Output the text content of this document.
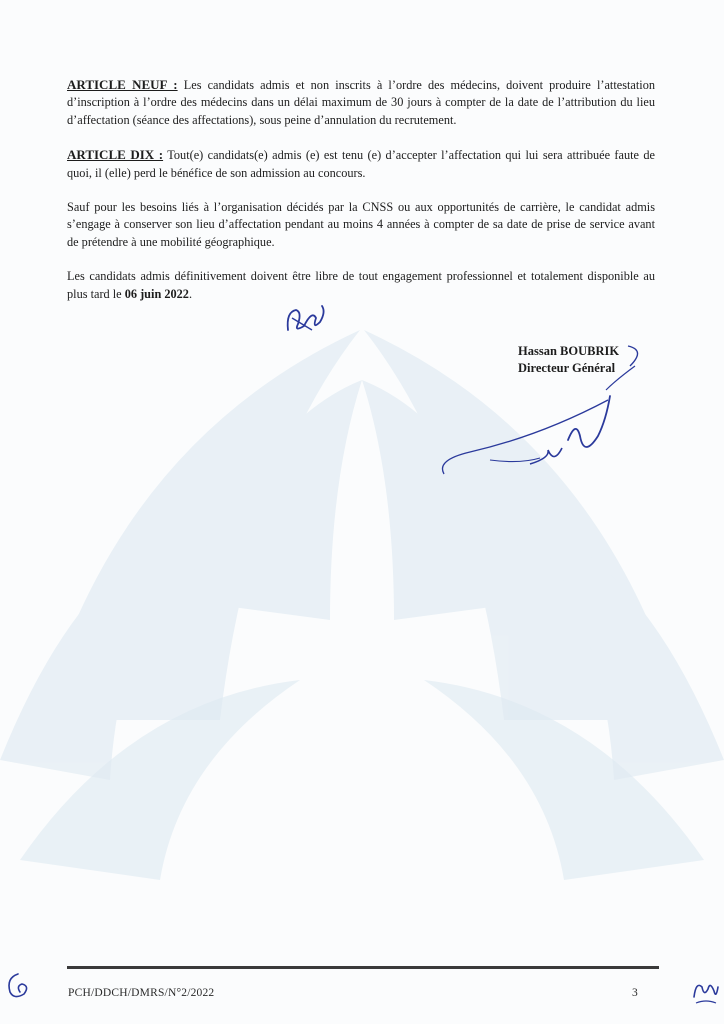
ARTICLE NEUF : Les candidats admis et non inscrits à l’ordre des médecins, doivent produire l’attestation d’inscription à l’ordre des médecins dans un délai maximum de 30 jours à compter de la date de l’attribution du lieu d’affectation (séance des affectations), sous peine d’annulation du recrutement.

ARTICLE DIX : Tout(e) candidats(e) admis (e) est tenu (e) d’accepter l’affectation qui lui sera attribuée faute de quoi, il (elle) perd le bénéfice de son admission au concours.

Sauf pour les besoins liés à l’organisation décidés par la CNSS ou aux opportunités de carrière, le candidat admis s’engage à conserver son lieu d’affectation pendant au moins 4 années à compter de sa date de prise de service avant de prétendre à une mobilité géographique.

Les candidats admis définitivement doivent être libre de tout engagement professionnel et totalement disponible au plus tard le 06 juin 2022.

Hassan BOUBRIK
Directeur Général
PCH/DDCH/DMRS/N°2/2022	3
